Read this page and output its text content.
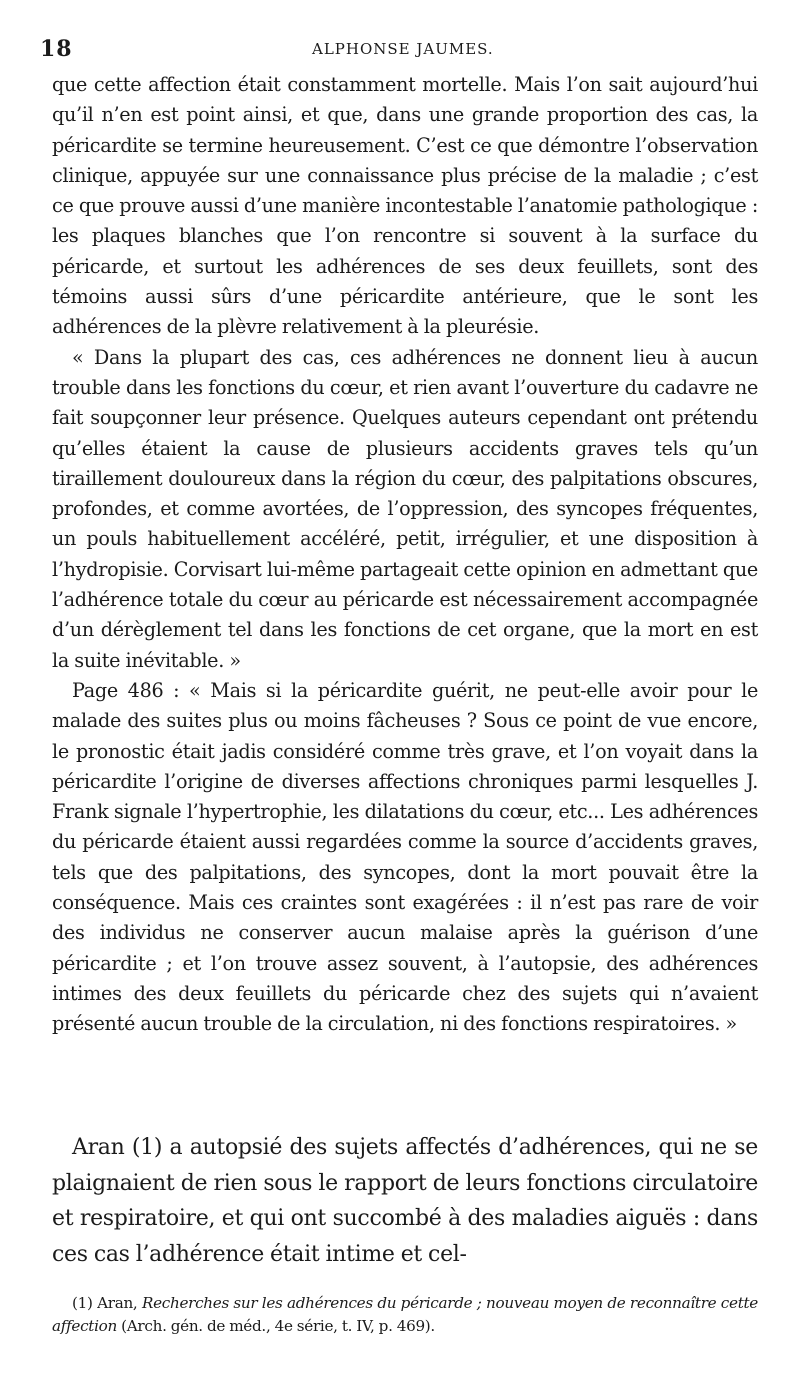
18	ALPHONSE JAUMES.

que cette affection était constamment mortelle. Mais l’on sait aujourd’hui qu’il n’en est point ainsi, et que, dans une grande proportion des cas, la péricardite se termine heureusement. C’est ce que démontre l’observation clinique, appuyée sur une connaissance plus précise de la maladie ; c’est ce que prouve aussi d’une manière incontestable l’anatomie pathologique : les plaques blanches que l’on rencontre si souvent à la surface du péricarde, et surtout les adhérences de ses deux feuillets, sont des témoins aussi sûrs d’une péricardite antérieure, que le sont les adhérences de la plèvre relativement à la pleurésie.

« Dans la plupart des cas, ces adhérences ne donnent lieu à aucun trouble dans les fonctions du cœur, et rien avant l’ouverture du cadavre ne fait soupçonner leur présence. Quelques auteurs cependant ont prétendu qu’elles étaient la cause de plusieurs accidents graves tels qu’un tiraillement douloureux dans la région du cœur, des palpitations obscures, profondes, et comme avortées, de l’oppression, des syncopes fréquentes, un pouls habituellement accéléré, petit, irrégulier, et une disposition à l’hydropisie. Corvisart lui-même partageait cette opinion en admettant que l’adhérence totale du cœur au péricarde est nécessairement accompagnée d’un dérèglement tel dans les fonctions de cet organe, que la mort en est la suite inévitable. »

Page 486 : « Mais si la péricardite guérit, ne peut-elle avoir pour le malade des suites plus ou moins fâcheuses ? Sous ce point de vue encore, le pronostic était jadis considéré comme très grave, et l’on voyait dans la péricardite l’origine de diverses affections chroniques parmi lesquelles J. Frank signale l’hypertrophie, les dilatations du cœur, etc... Les adhérences du péricarde étaient aussi regardées comme la source d’accidents graves, tels que des palpitations, des syncopes, dont la mort pouvait être la conséquence. Mais ces craintes sont exagérées : il n’est pas rare de voir des individus ne conserver aucun malaise après la guérison d’une péricardite ; et l’on trouve assez souvent, à l’autopsie, des adhérences intimes des deux feuillets du péricarde chez des sujets qui n’avaient présenté aucun trouble de la circulation, ni des fonctions respiratoires. »

Aran (1) a autopsié des sujets affectés d’adhérences, qui ne se plaignaient de rien sous le rapport de leurs fonctions circulatoire et respiratoire, et qui ont succombé à des maladies aiguës : dans ces cas l’adhérence était intime et cel-

(1) Aran, Recherches sur les adhérences du péricarde ; nouveau moyen de reconnaître cette affection (Arch. gén. de méd., 4e série, t. IV, p. 469).
